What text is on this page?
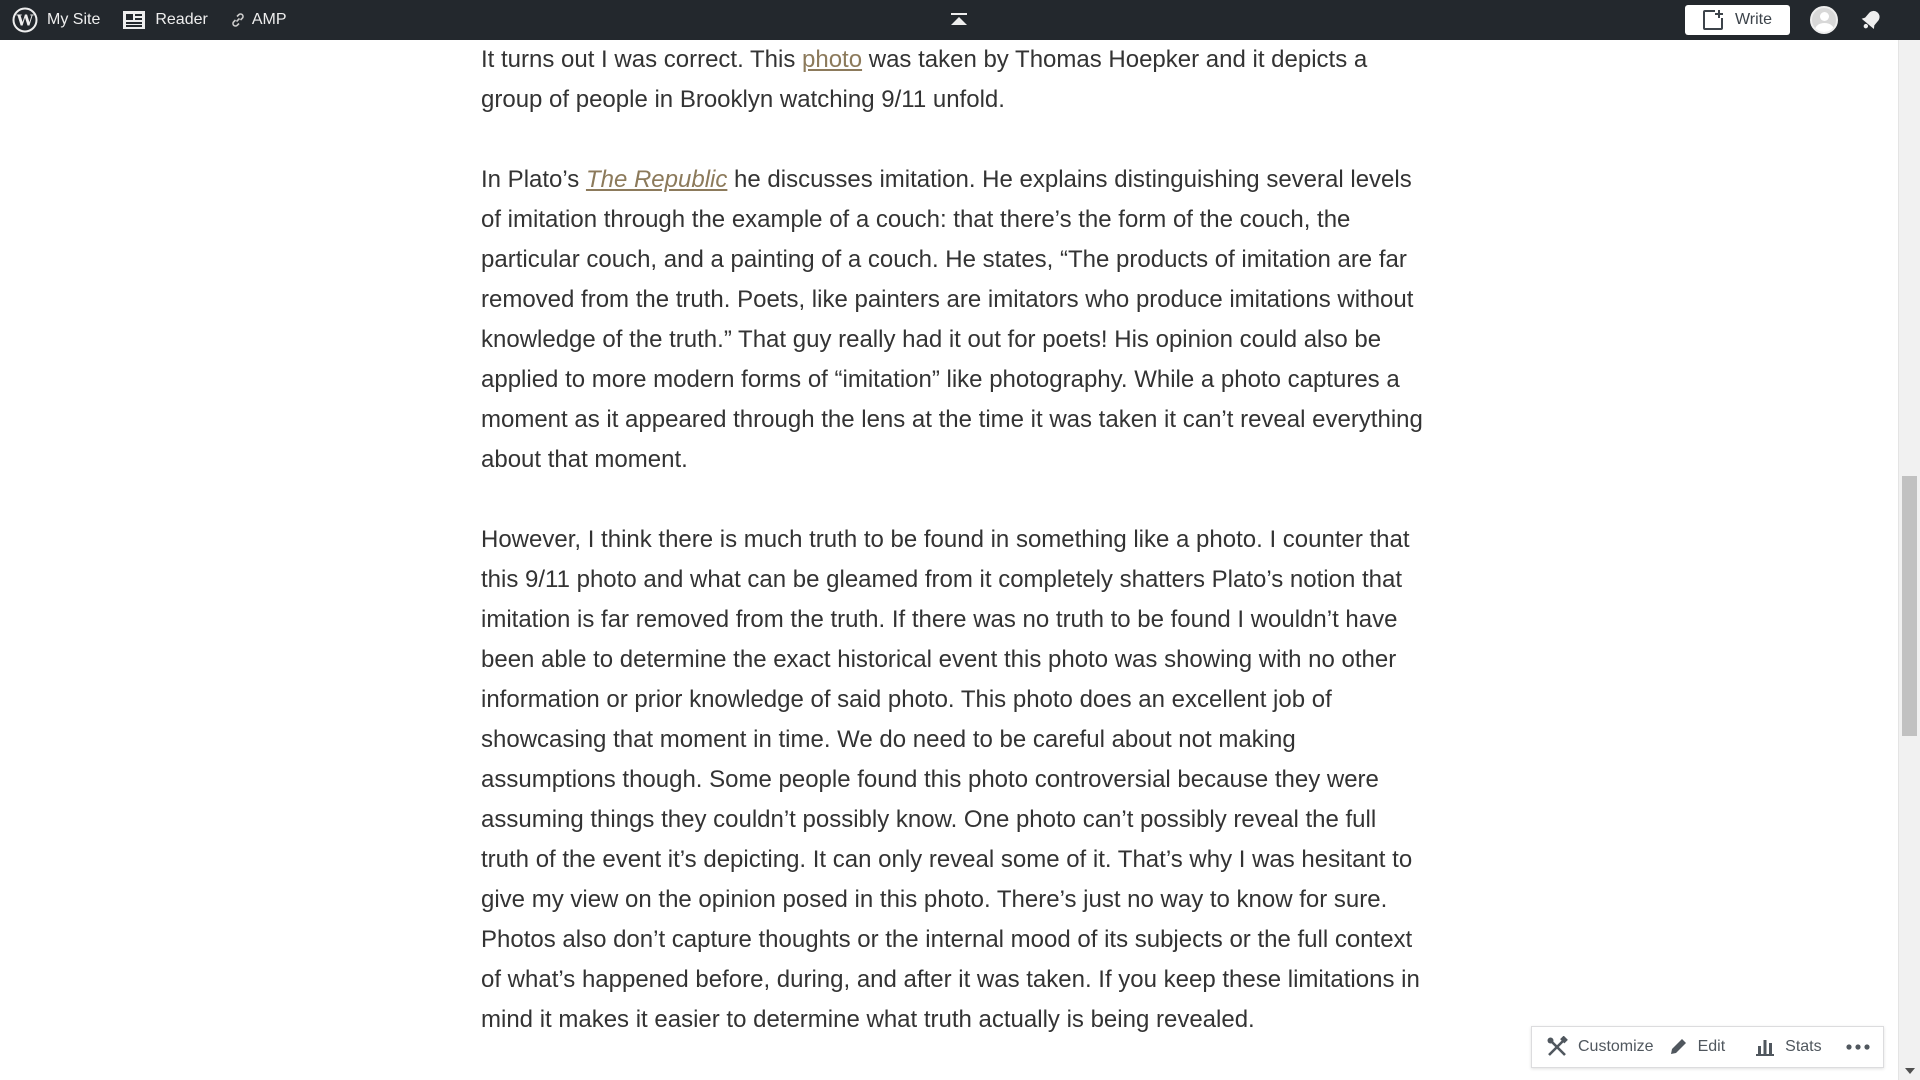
W My Site	Reader	AMP	Write

It turns out I was correct. This photo was taken by Thomas Hoepker and it depicts a group of people in Brooklyn watching 9/11 unfold.

In Plato’s The Republic he discusses imitation. He explains distinguishing several levels of imitation through the example of a couch: that there’s the form of the couch, the particular couch, and a painting of a couch. He states, “The products of imitation are far removed from the truth. Poets, like painters are imitators who produce imitations without knowledge of the truth.” That guy really had it out for poets! His opinion could also be applied to more modern forms of “imitation” like photography. While a photo captures a moment as it appeared through the lens at the time it was taken it can’t reveal everything about that moment.

However, I think there is much truth to be found in something like a photo. I counter that this 9/11 photo and what can be gleamed from it completely shatters Plato’s notion that imitation is far removed from the truth. If there was no truth to be found I wouldn’t have been able to determine the exact historical event this photo was showing with no other information or prior knowledge of said photo. This photo does an excellent job of showcasing that moment in time. We do need to be careful about not making assumptions though. Some people found this photo controversial because they were assuming things they couldn’t possibly know. One photo can’t possibly reveal the full truth of the event it’s depicting. It can only reveal some of it. That’s why I was hesitant to give my view on the opinion posed in this photo. There’s just no way to know for sure. Photos also don’t capture thoughts or the internal mood of its subjects or the full context of what’s happened before, during, and after it was taken. If you keep these limitations in mind it makes it easier to determine what truth actually is being revealed.

Customize	Edit	Stats
